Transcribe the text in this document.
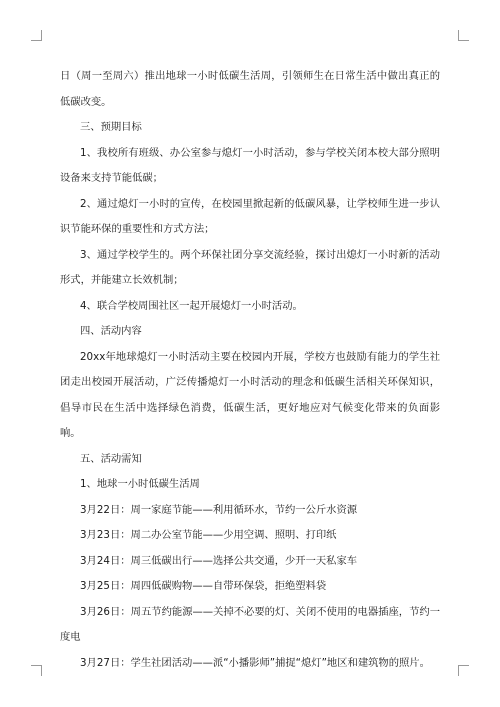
日（周一至周六）推出地球一小时低碳生活周，引领师生在日常生活中做出真正的低碳改变。

三、预期目标

1、我校所有班级、办公室参与熄灯一小时活动，参与学校关闭本校大部分照明设备来支持节能低碳；

2、通过熄灯一小时的宣传，在校园里掀起新的低碳风暴，让学校师生进一步认识节能环保的重要性和方式方法；

3、通过学校学生的。两个环保社团分享交流经验，探讨出熄灯一小时新的活动形式，并能建立长效机制；

4、联合学校周围社区一起开展熄灯一小时活动。

四、活动内容

20xx年地球熄灯一小时活动主要在校园内开展，学校方也鼓励有能力的学生社团走出校园开展活动，广泛传播熄灯一小时活动的理念和低碳生活相关环保知识，倡导市民在生活中选择绿色消费，低碳生活，更好地应对气候变化带来的负面影响。

五、活动需知

1、地球一小时低碳生活周

3月22日：周一家庭节能——利用循环水，节约一公斤水资源

3月23日：周二办公室节能——少用空调、照明、打印纸

3月24日：周三低碳出行——选择公共交通，少开一天私家车

3月25日：周四低碳购物——自带环保袋，拒绝塑料袋

3月26日：周五节约能源——关掉不必要的灯、关闭不使用的电器插座，节约一度电

3月27日：学生社团活动——派“小播影师”捕捉“熄灯”地区和建筑物的照片。
